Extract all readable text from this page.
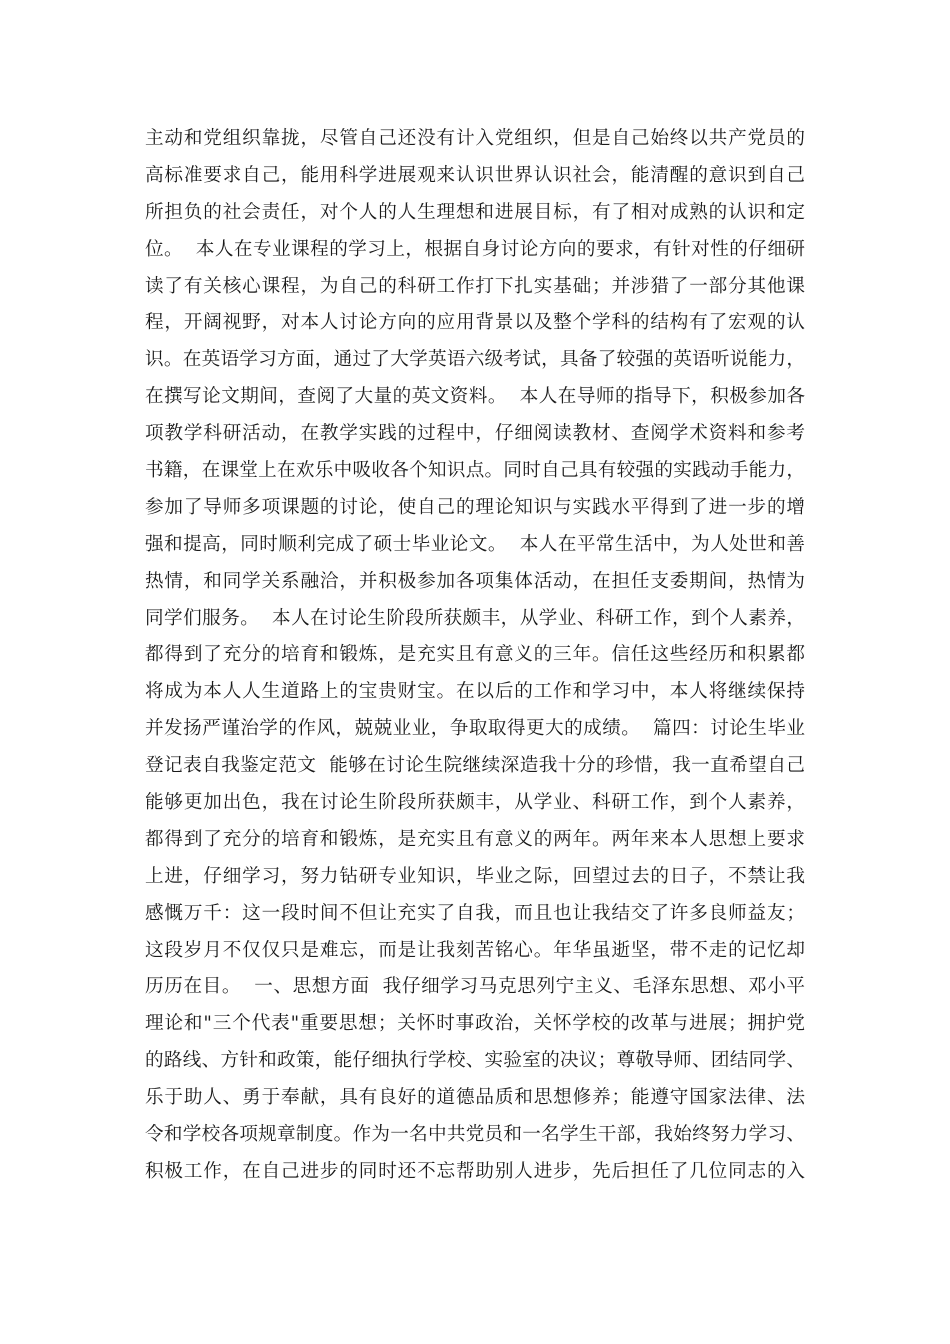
主动和党组织靠拢，尽管自己还没有计入党组织，但是自己始终以共产党员的
高标准要求自己，能用科学进展观来认识世界认识社会，能清醒的意识到自己
所担负的社会责任，对个人的人生理想和进展目标，有了相对成熟的认识和定
位。  本人在专业课程的学习上，根据自身讨论方向的要求，有针对性的仔细研
读了有关核心课程，为自己的科研工作打下扎实基础；并涉猎了一部分其他课
程，开阔视野，对本人讨论方向的应用背景以及整个学科的结构有了宏观的认
识。在英语学习方面，通过了大学英语六级考试，具备了较强的英语听说能力，
在撰写论文期间，查阅了大量的英文资料。  本人在导师的指导下，积极参加各
项教学科研活动，在教学实践的过程中，仔细阅读教材、查阅学术资料和参考
书籍，在课堂上在欢乐中吸收各个知识点。同时自己具有较强的实践动手能力，
参加了导师多项课题的讨论，使自己的理论知识与实践水平得到了进一步的增
强和提高，同时顺利完成了硕士毕业论文。  本人在平常生活中，为人处世和善
热情，和同学关系融洽，并积极参加各项集体活动，在担任支委期间，热情为
同学们服务。  本人在讨论生阶段所获颇丰，从学业、科研工作，到个人素养，
都得到了充分的培育和锻炼，是充实且有意义的三年。信任这些经历和积累都
将成为本人人生道路上的宝贵财宝。在以后的工作和学习中，本人将继续保持
并发扬严谨治学的作风，兢兢业业，争取取得更大的成绩。  篇四：讨论生毕业
登记表自我鉴定范文  能够在讨论生院继续深造我十分的珍惜，我一直希望自己
能够更加出色，我在讨论生阶段所获颇丰，从学业、科研工作，到个人素养，
都得到了充分的培育和锻炼，是充实且有意义的两年。两年来本人思想上要求
上进，仔细学习，努力钻研专业知识，毕业之际，回望过去的日子，不禁让我
感慨万千：这一段时间不但让充实了自我，而且也让我结交了许多良师益友；
这段岁月不仅仅只是难忘，而是让我刻苦铭心。年华虽逝坚，带不走的记忆却
历历在目。  一、思想方面  我仔细学习马克思列宁主义、毛泽东思想、邓小平
理论和"三个代表"重要思想；关怀时事政治，关怀学校的改革与进展；拥护党
的路线、方针和政策，能仔细执行学校、实验室的决议；尊敬导师、团结同学、
乐于助人、勇于奉献，具有良好的道德品质和思想修养；能遵守国家法律、法
令和学校各项规章制度。作为一名中共党员和一名学生干部，我始终努力学习、
积极工作，在自己进步的同时还不忘帮助别人进步，先后担任了几位同志的入
